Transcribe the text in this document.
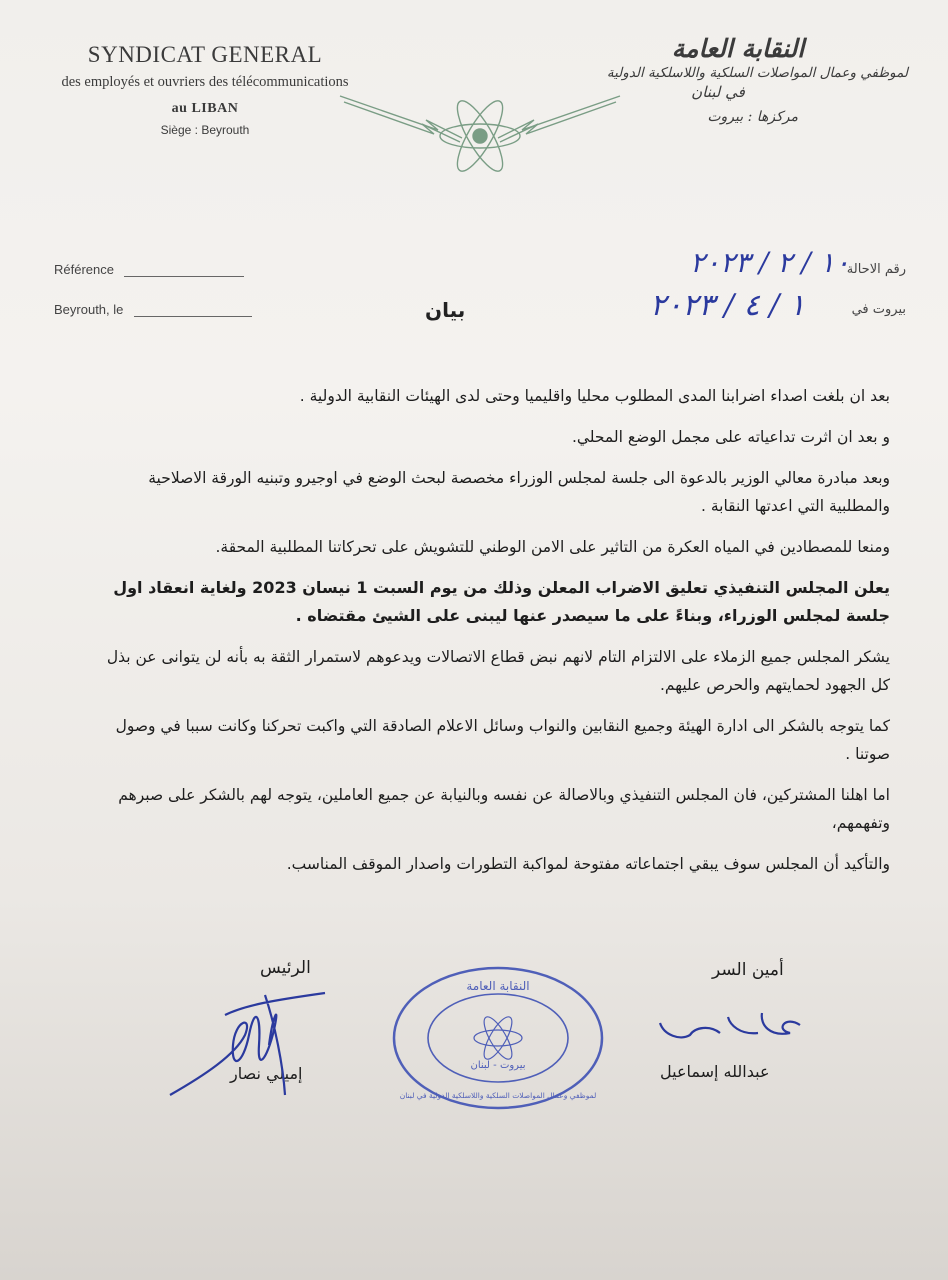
SYNDICAT GENERAL
des employés et ouvriers des télécommunications
au LIBAN
Siège : Beyrouth
النقابة العامة
لموظفي وعمال المواصلات السلكية واللاسلكية الدولية
في لبنان
مركزها : بيروت
Référence
Beyrouth, le
رقم الاحالة
١٠ / ٢ / ٢٠٢٣
بيروت في
١ / ٤ / ٢٠٢٣
بيان

بعد ان بلغت اصداء اضرابنا المدى المطلوب محليا واقليميا وحتى لدى الهيئات النقابية الدولية .

و بعد ان اثرت تداعياته على مجمل الوضع المحلي.

وبعد مبادرة معالي الوزير بالدعوة الى جلسة لمجلس الوزراء مخصصة لبحث الوضع في اوجيرو وتبنيه الورقة الاصلاحية والمطلبية التي اعدتها النقابة .

ومنعا للمصطادين في المياه العكرة من التاثير على الامن الوطني للتشويش على تحركاتنا المطلبية المحقة.

يعلن المجلس التنفيذي تعليق الاضراب المعلن وذلك من يوم السبت 1 نيسان 2023 ولغاية انعقاد اول جلسة لمجلس الوزراء، وبناءً على ما سيصدر عنها لیبنى على الشيئ مقتضاه .

يشكر المجلس جميع الزملاء على الالتزام التام لانهم نبض قطاع الاتصالات ويدعوهم لاستمرار الثقة به بأنه لن يتوانى عن بذل كل الجهود لحمايتهم والحرص عليهم.

كما يتوجه بالشكر الى ادارة الهيئة وجميع النقابين والنواب وسائل الاعلام الصادقة التي واكبت تحركنا وكانت سببا في وصول صوتنا .

اما اهلنا المشتركين، فان المجلس التنفيذي وبالاصالة عن نفسه وبالنيابة عن جميع العاملين، يتوجه لهم بالشكر على صبرهم وتفهمهم،

والتأكيد أن المجلس سوف يبقي اجتماعاته مفتوحة لمواكبة التطورات واصدار الموقف المناسب.

الرئيس
إميلي نصار
النقابة العامة
لموظفي وعمال المواصلات السلكية واللاسلكية الدولية في لبنان
بيروت - لبنان
أمين السر
عبدالله إسماعيل
